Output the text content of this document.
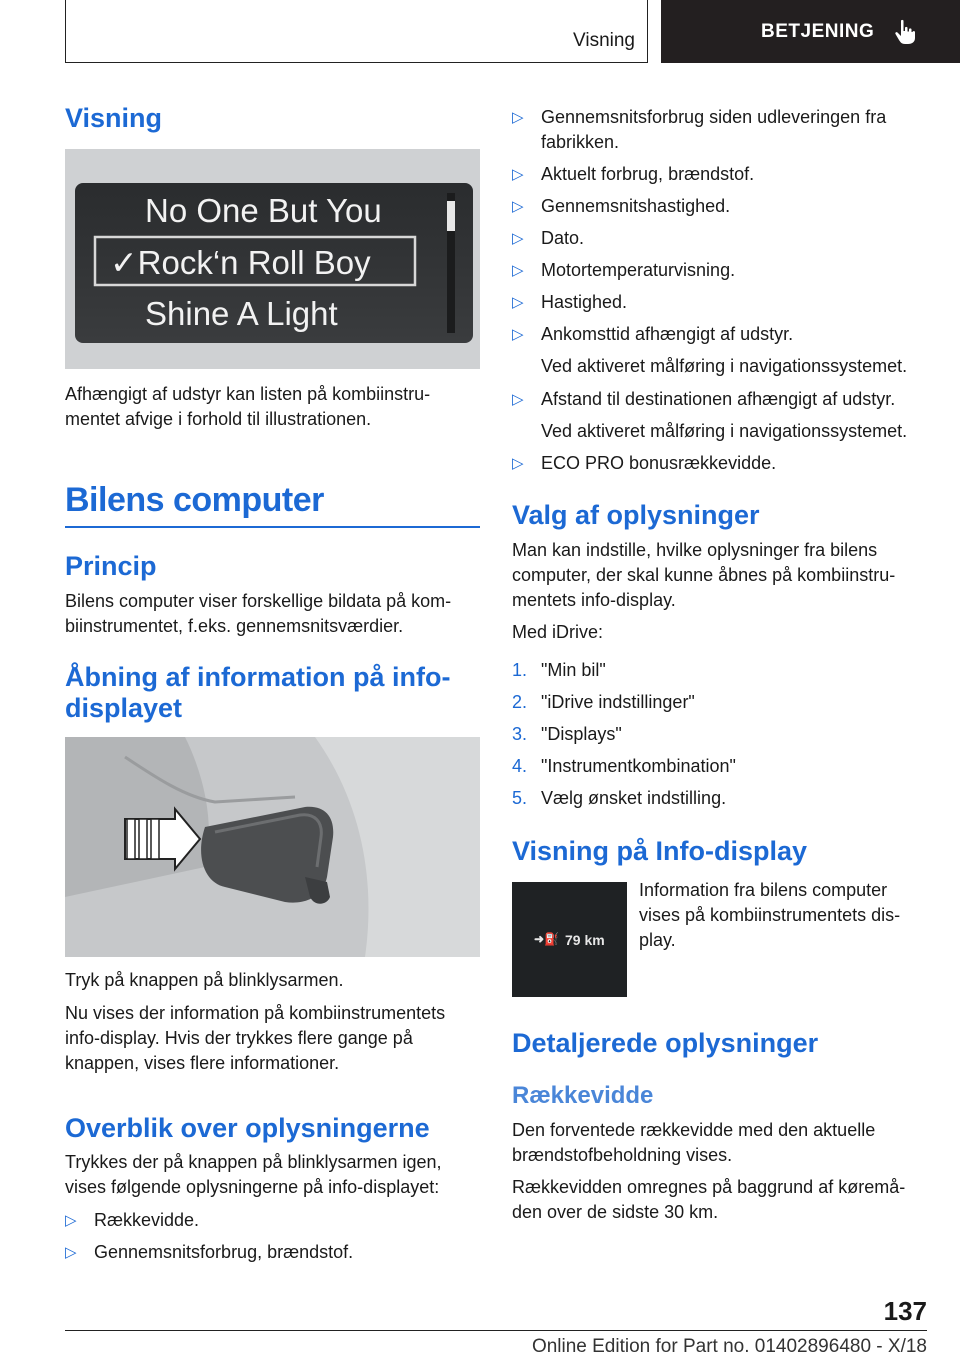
Visning	BETJENING
Visning
No One But You
✓Rock‘n Roll Boy
Shine A Light

Afhængigt af udstyr kan listen på kombiinstru-mentet afvige i forhold til illustrationen.

Bilens computer
Princip

Bilens computer viser forskellige bildata på kom-biinstrumentet, f.eks. gennemsnitsværdier.

Åbning af information på info-displayet

Tryk på knappen på blinklysarmen.

Nu vises der information på kombiinstrumentets info-display. Hvis der trykkes flere gange på knappen, vises flere informationer.

Overblik over oplysningerne

Trykkes der på knappen på blinklysarmen igen, vises følgende oplysningerne på info-displayet:

▷ Rækkevidde.
▷ Gennemsnitsforbrug, brændstof.
▷ Gennemsnitsforbrug siden udleveringen fra fabrikken.
▷ Aktuelt forbrug, brændstof.
▷ Gennemsnitshastighed.
▷ Dato.
▷ Motortemperaturvisning.
▷ Hastighed.
▷ Ankomsttid afhængigt af udstyr.

Ved aktiveret målføring i navigationssystemet.

▷ Afstand til destinationen afhængigt af udstyr.

Ved aktiveret målføring i navigationssystemet.

▷ ECO PRO bonusrækkevidde.
Valg af oplysninger

Man kan indstille, hvilke oplysninger fra bilens computer, der skal kunne åbnes på kombiinstru-mentets info-display.

Med iDrive:

1. "Min bil"
2. "iDrive indstillinger"
3. "Displays"
4. "Instrumentkombination"
5. Vælg ønsket indstilling.
Visning på Info-display
➜⛽ 79 km

Information fra bilens computer vises på kombiinstrumentets dis-play.

Detaljerede oplysninger
Rækkevidde

Den forventede rækkevidde med den aktuelle brændstofbeholdning vises.

Rækkevidden omregnes på baggrund af køremå-den over de sidste 30 km.

137
Online Edition for Part no. 01402896480 - X/18
